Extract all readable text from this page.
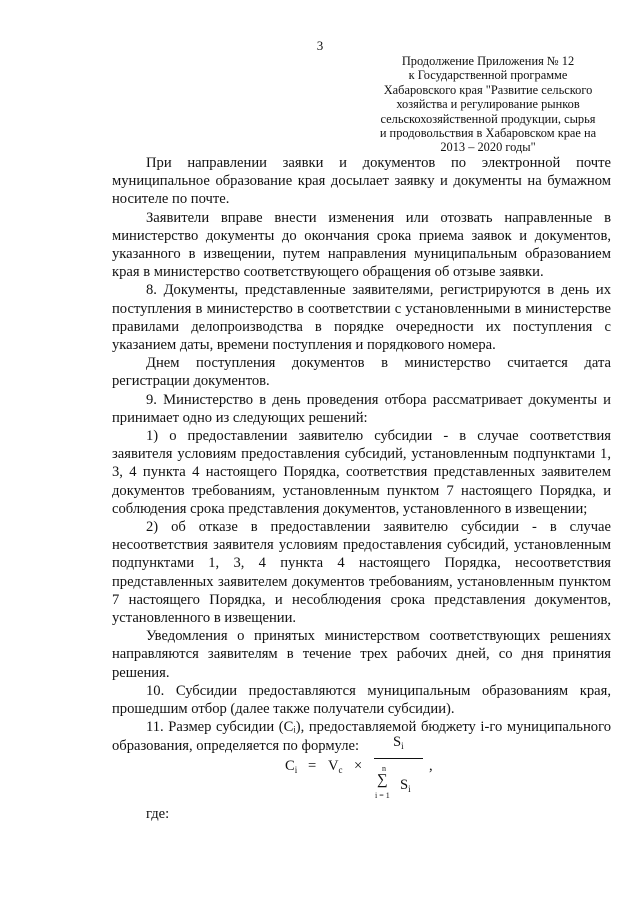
3
Продолжение Приложения № 12
к Государственной программе
Хабаровского края "Развитие сельского
хозяйства и регулирование рынков
сельскохозяйственной продукции, сырья
и продовольствия в Хабаровском крае на
2013 – 2020 годы"

При направлении заявки и документов по электронной почте муниципальное образование края досылает заявку и документы на бумажном носителе по почте.

Заявители вправе внести изменения или отозвать направленные в министерство документы до окончания срока приема заявок и документов, указанного в извещении, путем направления муниципальным образованием края в министерство соответствующего обращения об отзыве заявки.

8. Документы, представленные заявителями, регистрируются в день их поступления в министерство в соответствии с установленными в министерстве правилами делопроизводства в порядке очередности их поступления с указанием даты, времени поступления и порядкового номера.

Днем поступления документов в министерство считается дата регистрации документов.

9. Министерство в день проведения отбора рассматривает документы и принимает одно из следующих решений:

1) о предоставлении заявителю субсидии - в случае соответствия заявителя условиям предоставления субсидий, установленным подпунктами 1, 3, 4 пункта 4 настоящего Порядка, соответствия представленных заявителем документов требованиям, установленным пунктом 7 настоящего Порядка, и соблюдения срока представления документов, установленного в извещении;

2) об отказе в предоставлении заявителю субсидии - в случае несоответствия заявителя условиям предоставления субсидий, установленным подпунктами 1, 3, 4 пункта 4 настоящего Порядка, несоответствия представленных заявителем документов требованиям, установленным пунктом 7 настоящего Порядка, и несоблюдения срока представления документов, установленного в извещении.

Уведомления о принятых министерством соответствующих решениях направляются заявителям в течение трех рабочих дней, со дня принятия решения.

10. Субсидии предоставляются муниципальным образованиям края, прошедшим отбор (далее также получатели субсидии).

11. Размер субсидии (Cᵢ), предоставляемой бюджету i-го муниципального образования, определяется по формуле:

$C_i = V_c$ ×
$S_i$
n
∑
i = 1
$S_i$
,
где:
